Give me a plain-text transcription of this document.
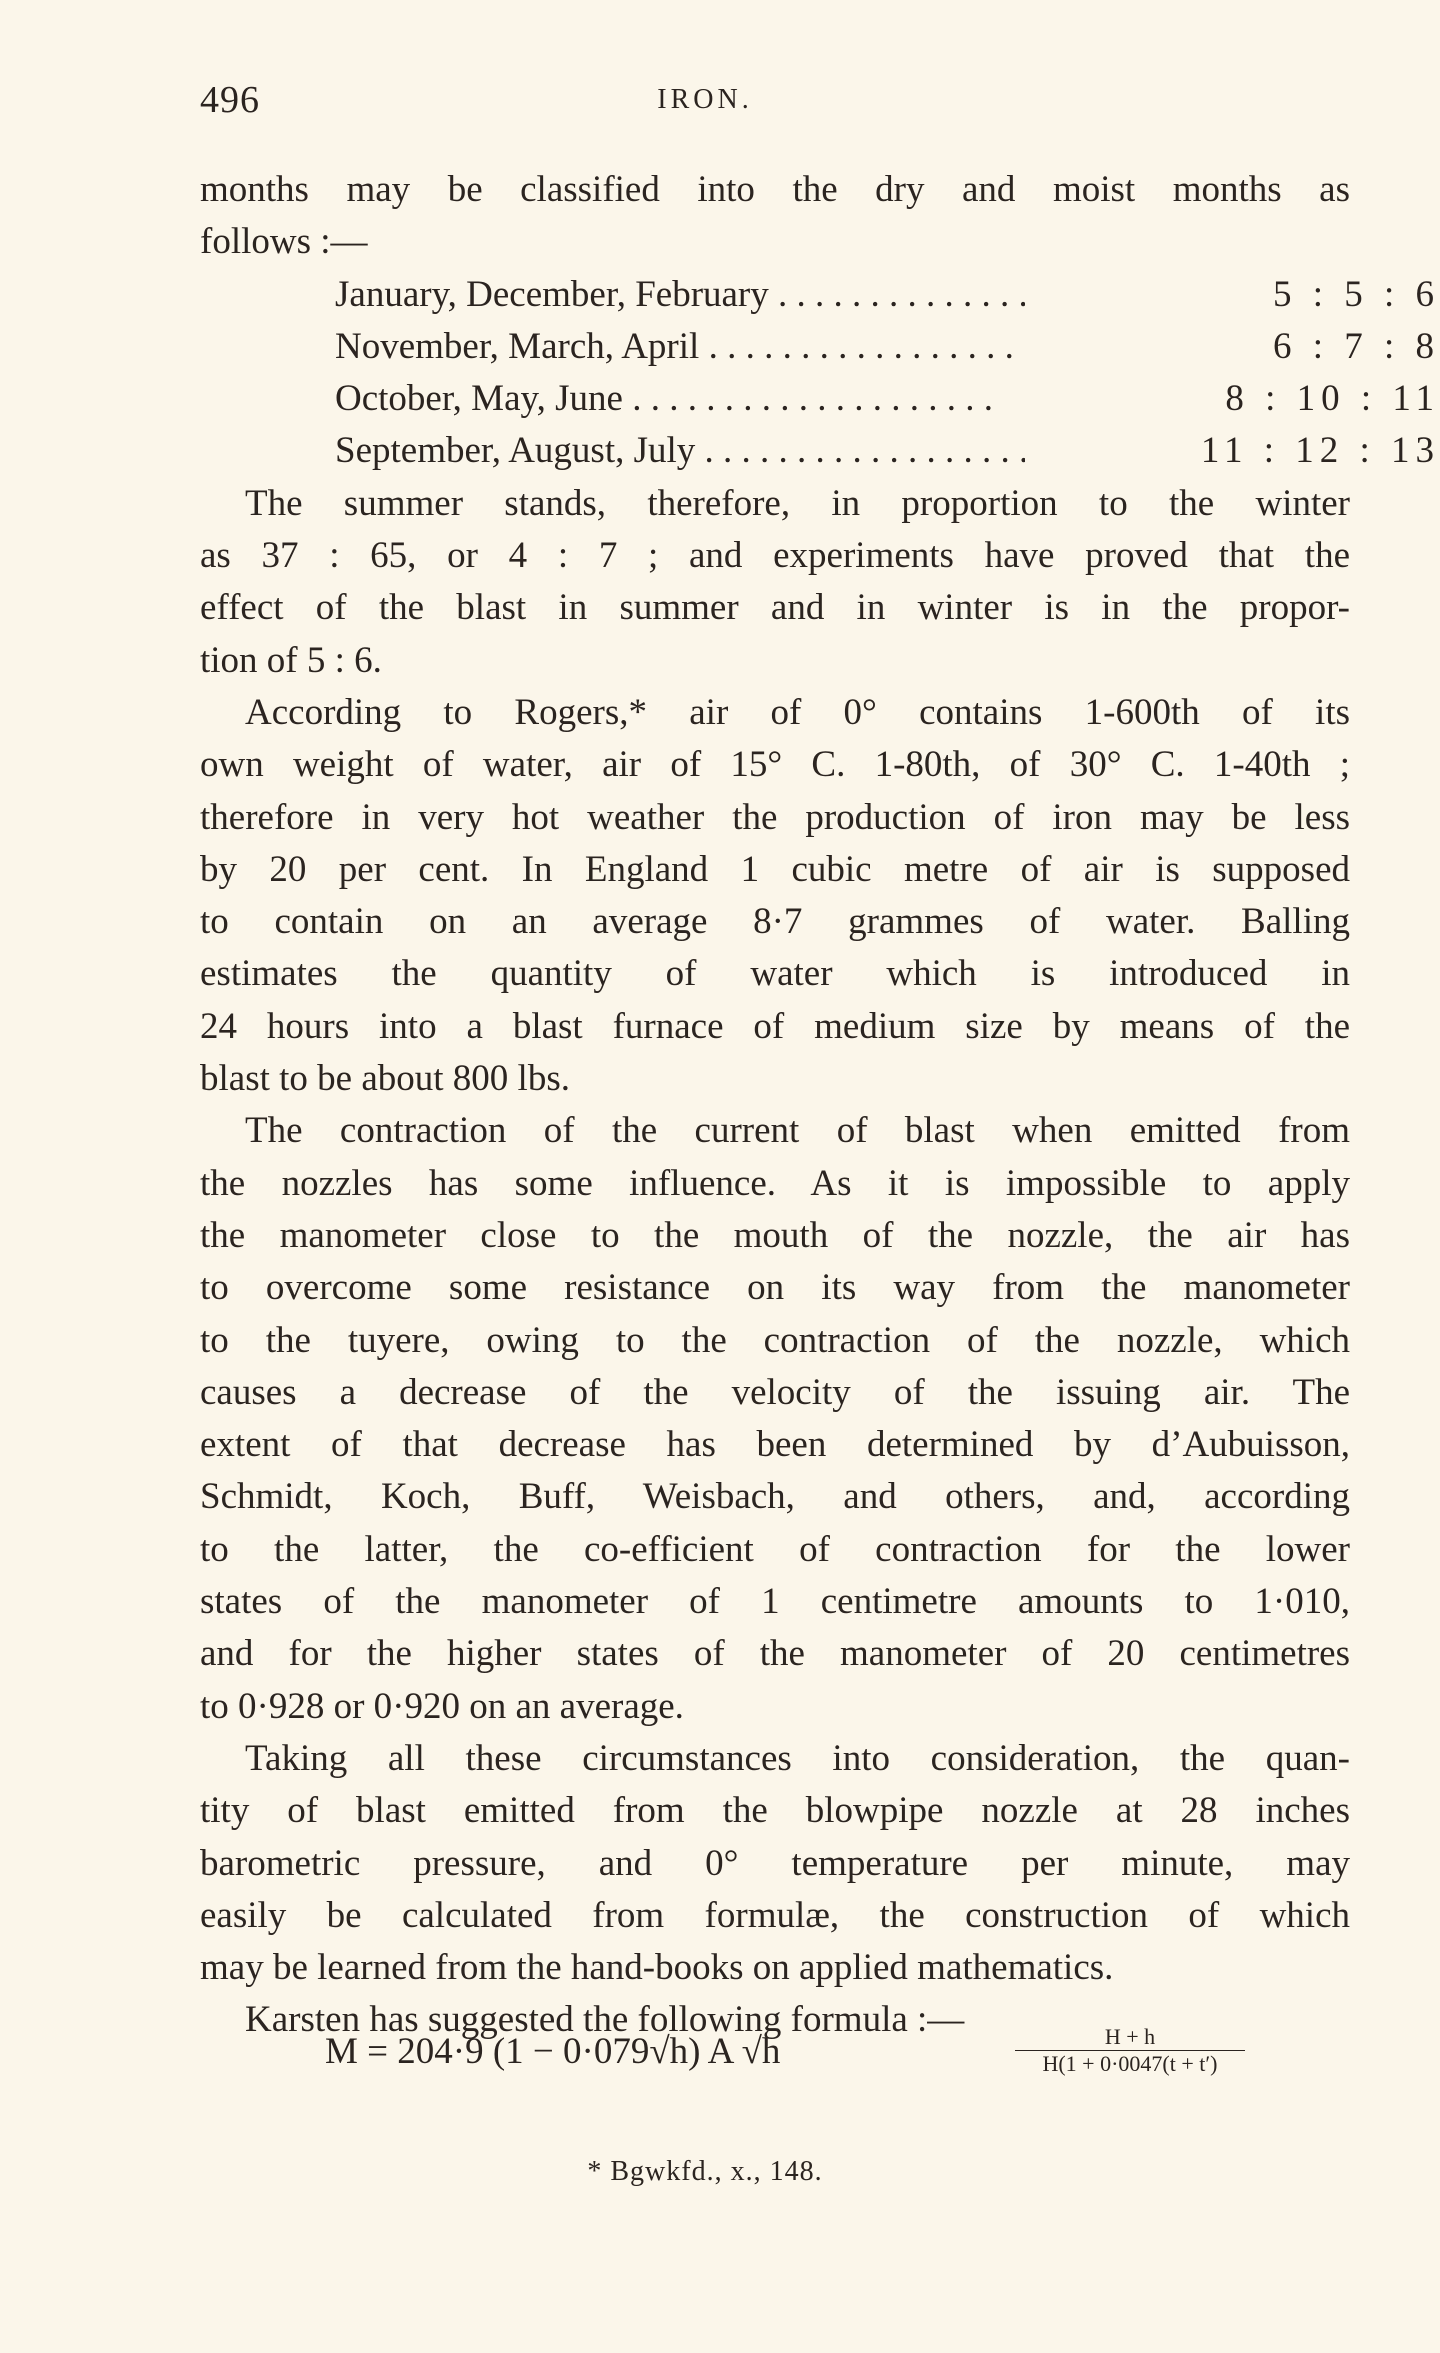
496	IRON.
months may be classified into the dry and moist months as
follows :—
January, December, February . . .	5 : 5 : 6
November, March, April . . .	6 : 7 : 8
October, May, June . . .	8 : 10 : 11
September, August, July . . .	11 : 12 : 13
The summer stands, therefore, in proportion to the winter
as 37 : 65, or 4 : 7 ; and experiments have proved that the
effect of the blast in summer and in winter is in the propor-
tion of 5 : 6.
According to Rogers,* air of 0° contains 1-600th of its
own weight of water, air of 15° C. 1-80th, of 30° C. 1-40th ;
therefore in very hot weather the production of iron may be less
by 20 per cent. In England 1 cubic metre of air is supposed
to contain on an average 8·7 grammes of water. Balling
estimates the quantity of water which is introduced in
24 hours into a blast furnace of medium size by means of the
blast to be about 800 lbs.
The contraction of the current of blast when emitted from
the nozzles has some influence. As it is impossible to apply
the manometer close to the mouth of the nozzle, the air has
to overcome some resistance on its way from the manometer
to the tuyere, owing to the contraction of the nozzle, which
causes a decrease of the velocity of the issuing air. The
extent of that decrease has been determined by d’Aubuisson,
Schmidt, Koch, Buff, Weisbach, and others, and, according
to the latter, the co-efficient of contraction for the lower
states of the manometer of 1 centimetre amounts to 1·010,
and for the higher states of the manometer of 20 centimetres
to 0·928 or 0·920 on an average.
Taking all these circumstances into consideration, the quan-
tity of blast emitted from the blowpipe nozzle at 28 inches
barometric pressure, and 0° temperature per minute, may
easily be calculated from formulæ, the construction of which
may be learned from the hand-books on applied mathematics.
Karsten has suggested the following formula :—
M = 204·9 (1 − 0·079√h) A √h	$\frac{H + h}{H(1 + 0\cdot 0047(t + t')}$
* Bgwkfd., x., 148.
